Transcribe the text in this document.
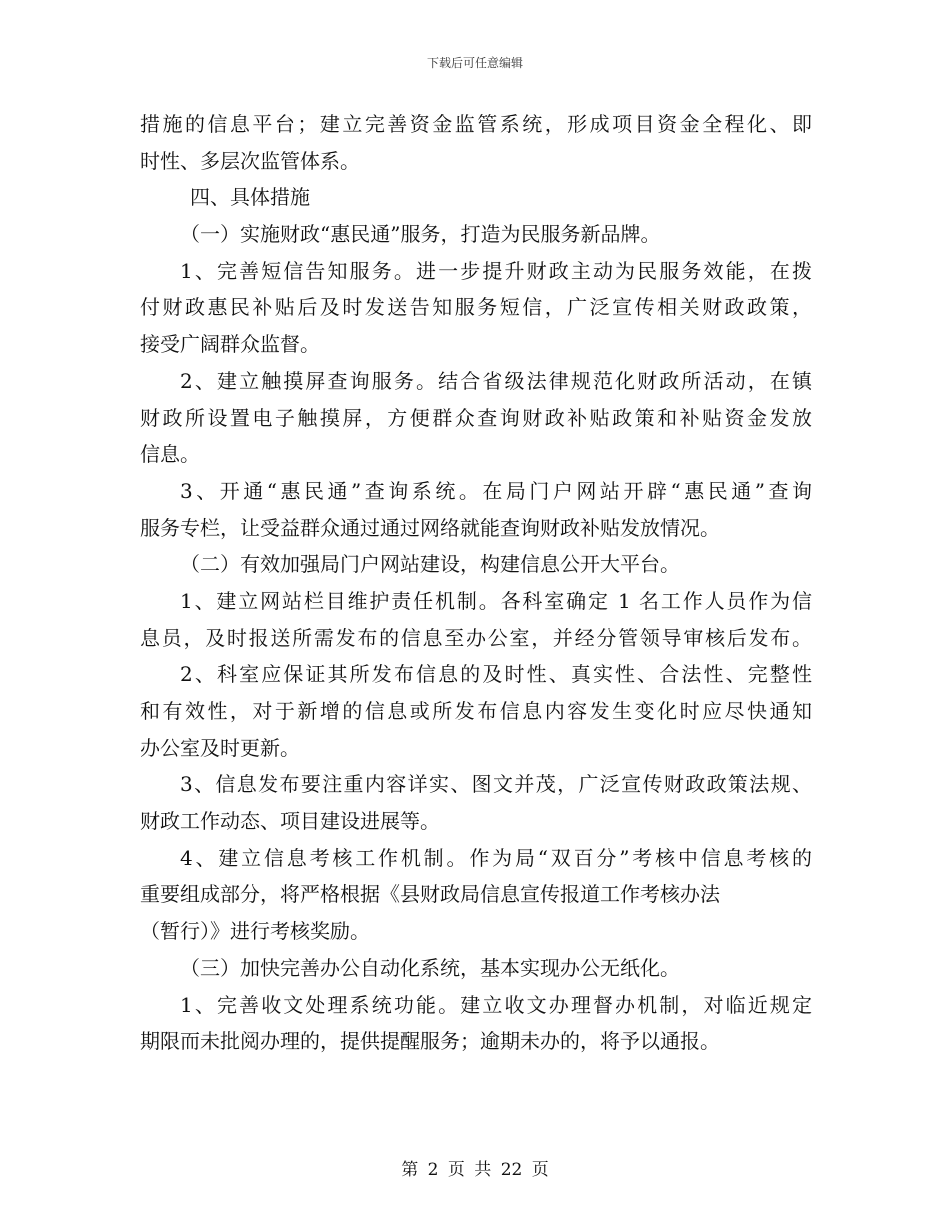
下载后可任意编辑
措施的信息平台；建立完善资金监管系统，形成项目资金全程化、即
时性、多层次监管体系。
四、具体措施
（一）实施财政“惠民通”服务，打造为民服务新品牌。
1、完善短信告知服务。进一步提升财政主动为民服务效能，在拨
付财政惠民补贴后及时发送告知服务短信，广泛宣传相关财政政策，
接受广阔群众监督。
2、建立触摸屏查询服务。结合省级法律规范化财政所活动，在镇
财政所设置电子触摸屏，方便群众查询财政补贴政策和补贴资金发放
信息。
3、开通“惠民通”查询系统。在局门户网站开辟“惠民通”查询
服务专栏，让受益群众通过通过网络就能查询财政补贴发放情况。
（二）有效加强局门户网站建设，构建信息公开大平台。
1、建立网站栏目维护责任机制。各科室确定 1 名工作人员作为信
息员，及时报送所需发布的信息至办公室，并经分管领导审核后发布。
2、科室应保证其所发布信息的及时性、真实性、合法性、完整性
和有效性，对于新增的信息或所发布信息内容发生变化时应尽快通知
办公室及时更新。
3、信息发布要注重内容详实、图文并茂，广泛宣传财政政策法规、
财政工作动态、项目建设进展等。
4、建立信息考核工作机制。作为局“双百分”考核中信息考核的
重要组成部分，将严格根据《县财政局信息宣传报道工作考核办法
（暂行）》进行考核奖励。
（三）加快完善办公自动化系统，基本实现办公无纸化。
1、完善收文处理系统功能。建立收文办理督办机制，对临近规定
期限而未批阅办理的，提供提醒服务；逾期未办的，将予以通报。
第 2 页 共 22 页
